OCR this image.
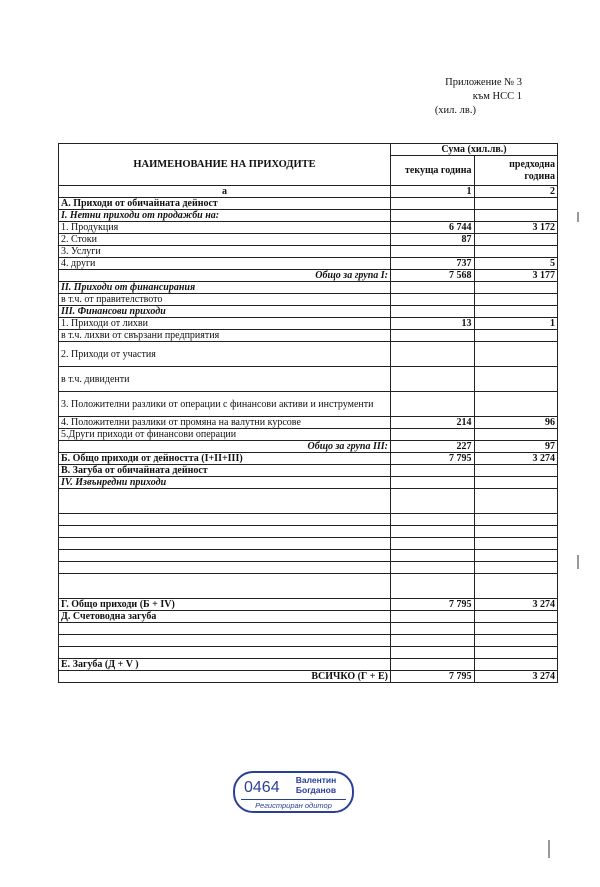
Приложение № 3
към НСС 1
(хил. лв.)
НАИМЕНОВАНИЕ НА ПРИХОДИТЕ	Сума (хил.лв.)	
	текуща година	предходна година
а	1	2
А. Приходи от обичайната дейност		
I. Нетни приходи от продажби на:		
1. Продукция	6 744	3 172
2. Стоки	87	
3. Услуги		
4. други	737	5
Общо за група I:	7 568	3 177
II. Приходи от финансирания		
в т.ч. от правителството		
III. Финансови приходи		
1. Приходи от лихви	13	1
в т.ч. лихви от свързани предприятия		
2. Приходи от участия		
в т.ч. дивиденти		
3. Положителни разлики от операции с финансови активи и инструменти		
4. Положителни разлики от промяна на валутни курсове	214	96
5.Други приходи от финансови операции		
Общо за група III:	227	97
Б. Общо приходи от дейността (I+II+III)	7 795	3 274
В. Загуба от обичайната дейност		
IV. Извънредни приходи		

Г. Общо приходи (Б + IV)	7 795	3 274
Д. Счетоводна загуба		

Е. Загуба (Д + V )		
ВСИЧКО (Г + Е)	7 795	3 274
0464	Валентин
Богданов
Регистриран одитор
